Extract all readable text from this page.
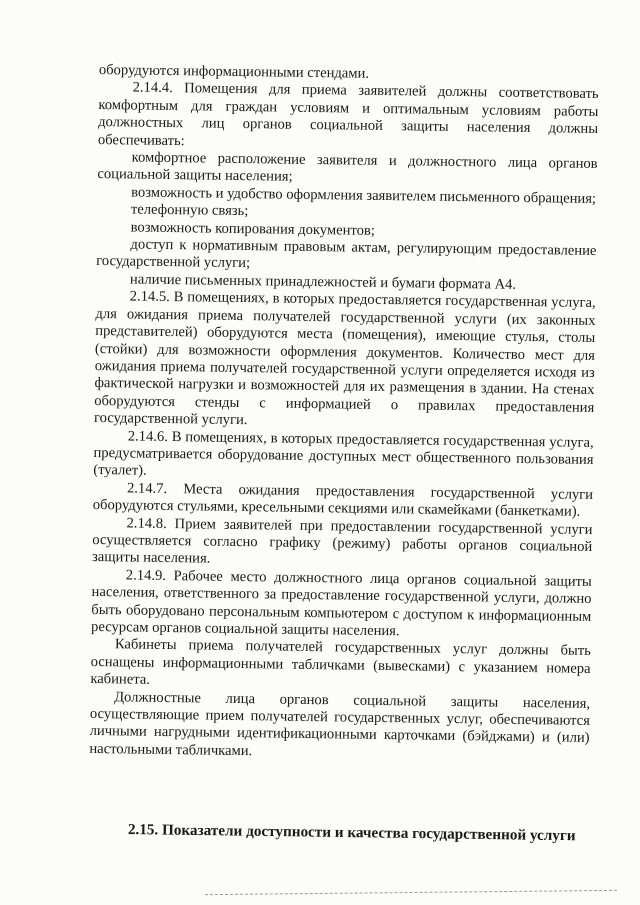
оборудуются информационными стендами.

2.14.4. Помещения для приема заявителей должны соответствовать комфортным для граждан условиям и оптимальным условиям работы должностных лиц органов социальной защиты населения должны обеспечивать:

комфортное расположение заявителя и должностного лица органов социальной защиты населения;

возможность и удобство оформления заявителем письменного обращения;

телефонную связь;

возможность копирования документов;

доступ к нормативным правовым актам, регулирующим предоставление государственной услуги;

наличие письменных принадлежностей и бумаги формата А4.

2.14.5. В помещениях, в которых предоставляется государственная услуга, для ожидания приема получателей государственной услуги (их законных представителей) оборудуются места (помещения), имеющие стулья, столы (стойки) для возможности оформления документов. Количество мест для ожидания приема получателей государственной услуги определяется исходя из фактической нагрузки и возможностей для их размещения в здании. На стенах оборудуются стенды с информацией о правилах предоставления государственной услуги.

2.14.6. В помещениях, в которых предоставляется государственная услуга, предусматривается оборудование доступных мест общественного пользования (туалет).

2.14.7. Места ожидания предоставления государственной услуги оборудуются стульями, кресельными секциями или скамейками (банкетками).

2.14.8. Прием заявителей при предоставлении государственной услуги осуществляется согласно графику (режиму) работы органов социальной защиты населения.

2.14.9. Рабочее место должностного лица органов социальной защиты населения, ответственного за предоставление государственной услуги, должно быть оборудовано персональным компьютером с доступом к информационным ресурсам органов социальной защиты населения.

Кабинеты приема получателей государственных услуг должны быть оснащены информационными табличками (вывесками) с указанием номера кабинета.

Должностные лица органов социальной защиты населения, осуществляющие прием получателей государственных услуг, обеспечиваются личными нагрудными идентификационными карточками (бэйджами) и (или) настольными табличками.

2.15. Показатели доступности и качества государственной услуги
